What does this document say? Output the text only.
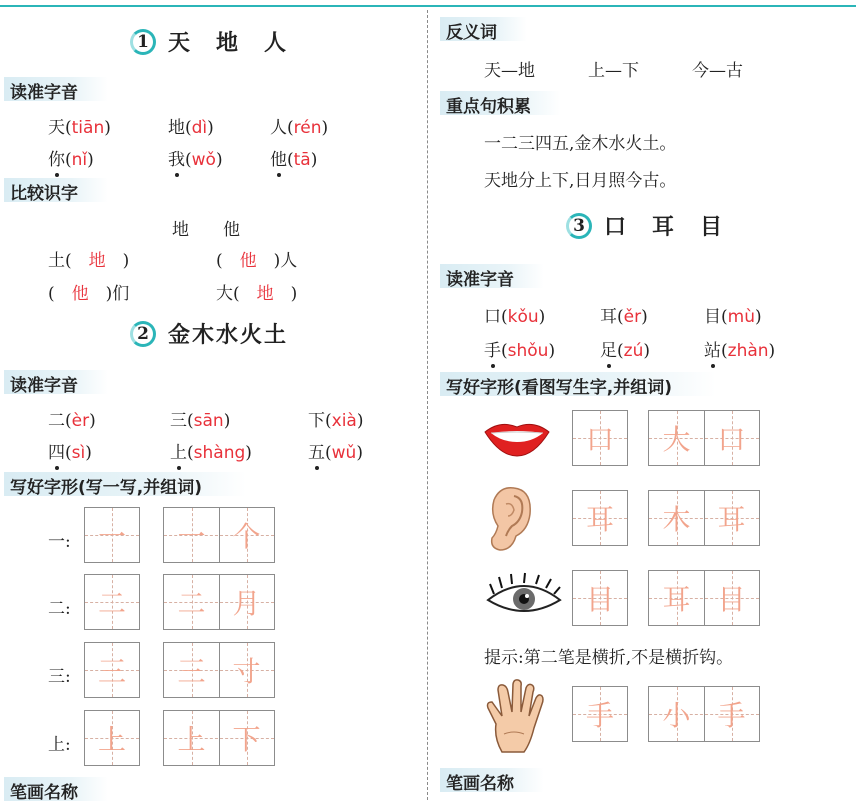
1 天　地　人
读准字音
天(tiān)	地(dì)	人(rén)
你(nǐ)	我(wǒ)	他(tā)
比较识字
地　　他
土(　 地　 )	(　 他　 )人
(　 他　 )们	大(　 地　 )
2 金木水火土
读准字音
二(èr)	三(sān)	下(xià)
四(sì)	上(shàng)	五(wǔ)
写好字形(写一写,并组词)
一: 一	一 个
二: 二	二 月
三: 三	三 寸
上: 上	上 下
笔画名称
反义词
天—地	上—下	今—古
重点句积累
一二三四五,金木水火土。
天地分上下,日月照今古。
3 口　耳　目
读准字音
口(kǒu)	耳(ěr)	目(mù)
手(shǒu)	足(zú)	站(zhàn)
写好字形(看图写生字,并组词)
口	大 口
耳	木 耳
目	耳 目
提示:第二笔是横折,不是横折钩。
手	小 手
笔画名称
